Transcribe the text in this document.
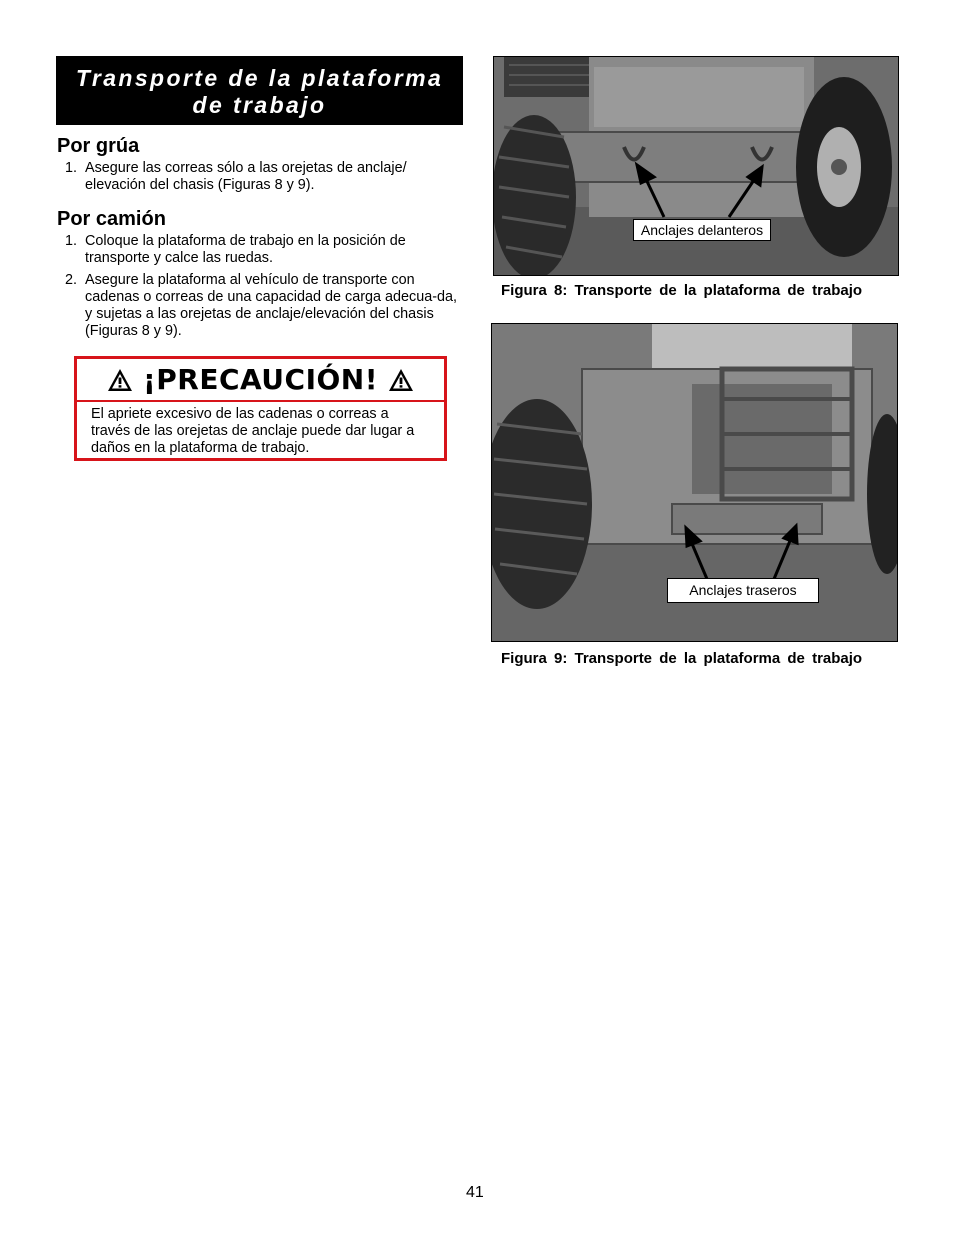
Transporte de la plataforma
de trabajo
Por grúa
1. Asegure las correas sólo a las orejetas de anclaje/ elevación del chasis (Figuras 8 y 9).
Por camión
1. Coloque la plataforma de trabajo en la posición de transporte y calce las ruedas.
2. Asegure la plataforma al vehículo de transporte con cadenas o correas de una capacidad de carga adecua-da, y sujetas a las orejetas de anclaje/elevación del chasis (Figuras 8 y 9).
¡PRECAUCIÓN!
El apriete excesivo de las cadenas o correas a través de las orejetas de anclaje puede dar lugar a daños en la plataforma de trabajo.
Anclajes delanteros
Figura 8: Transporte de la plataforma de trabajo
Anclajes traseros
Figura 9: Transporte de la plataforma de trabajo
41
